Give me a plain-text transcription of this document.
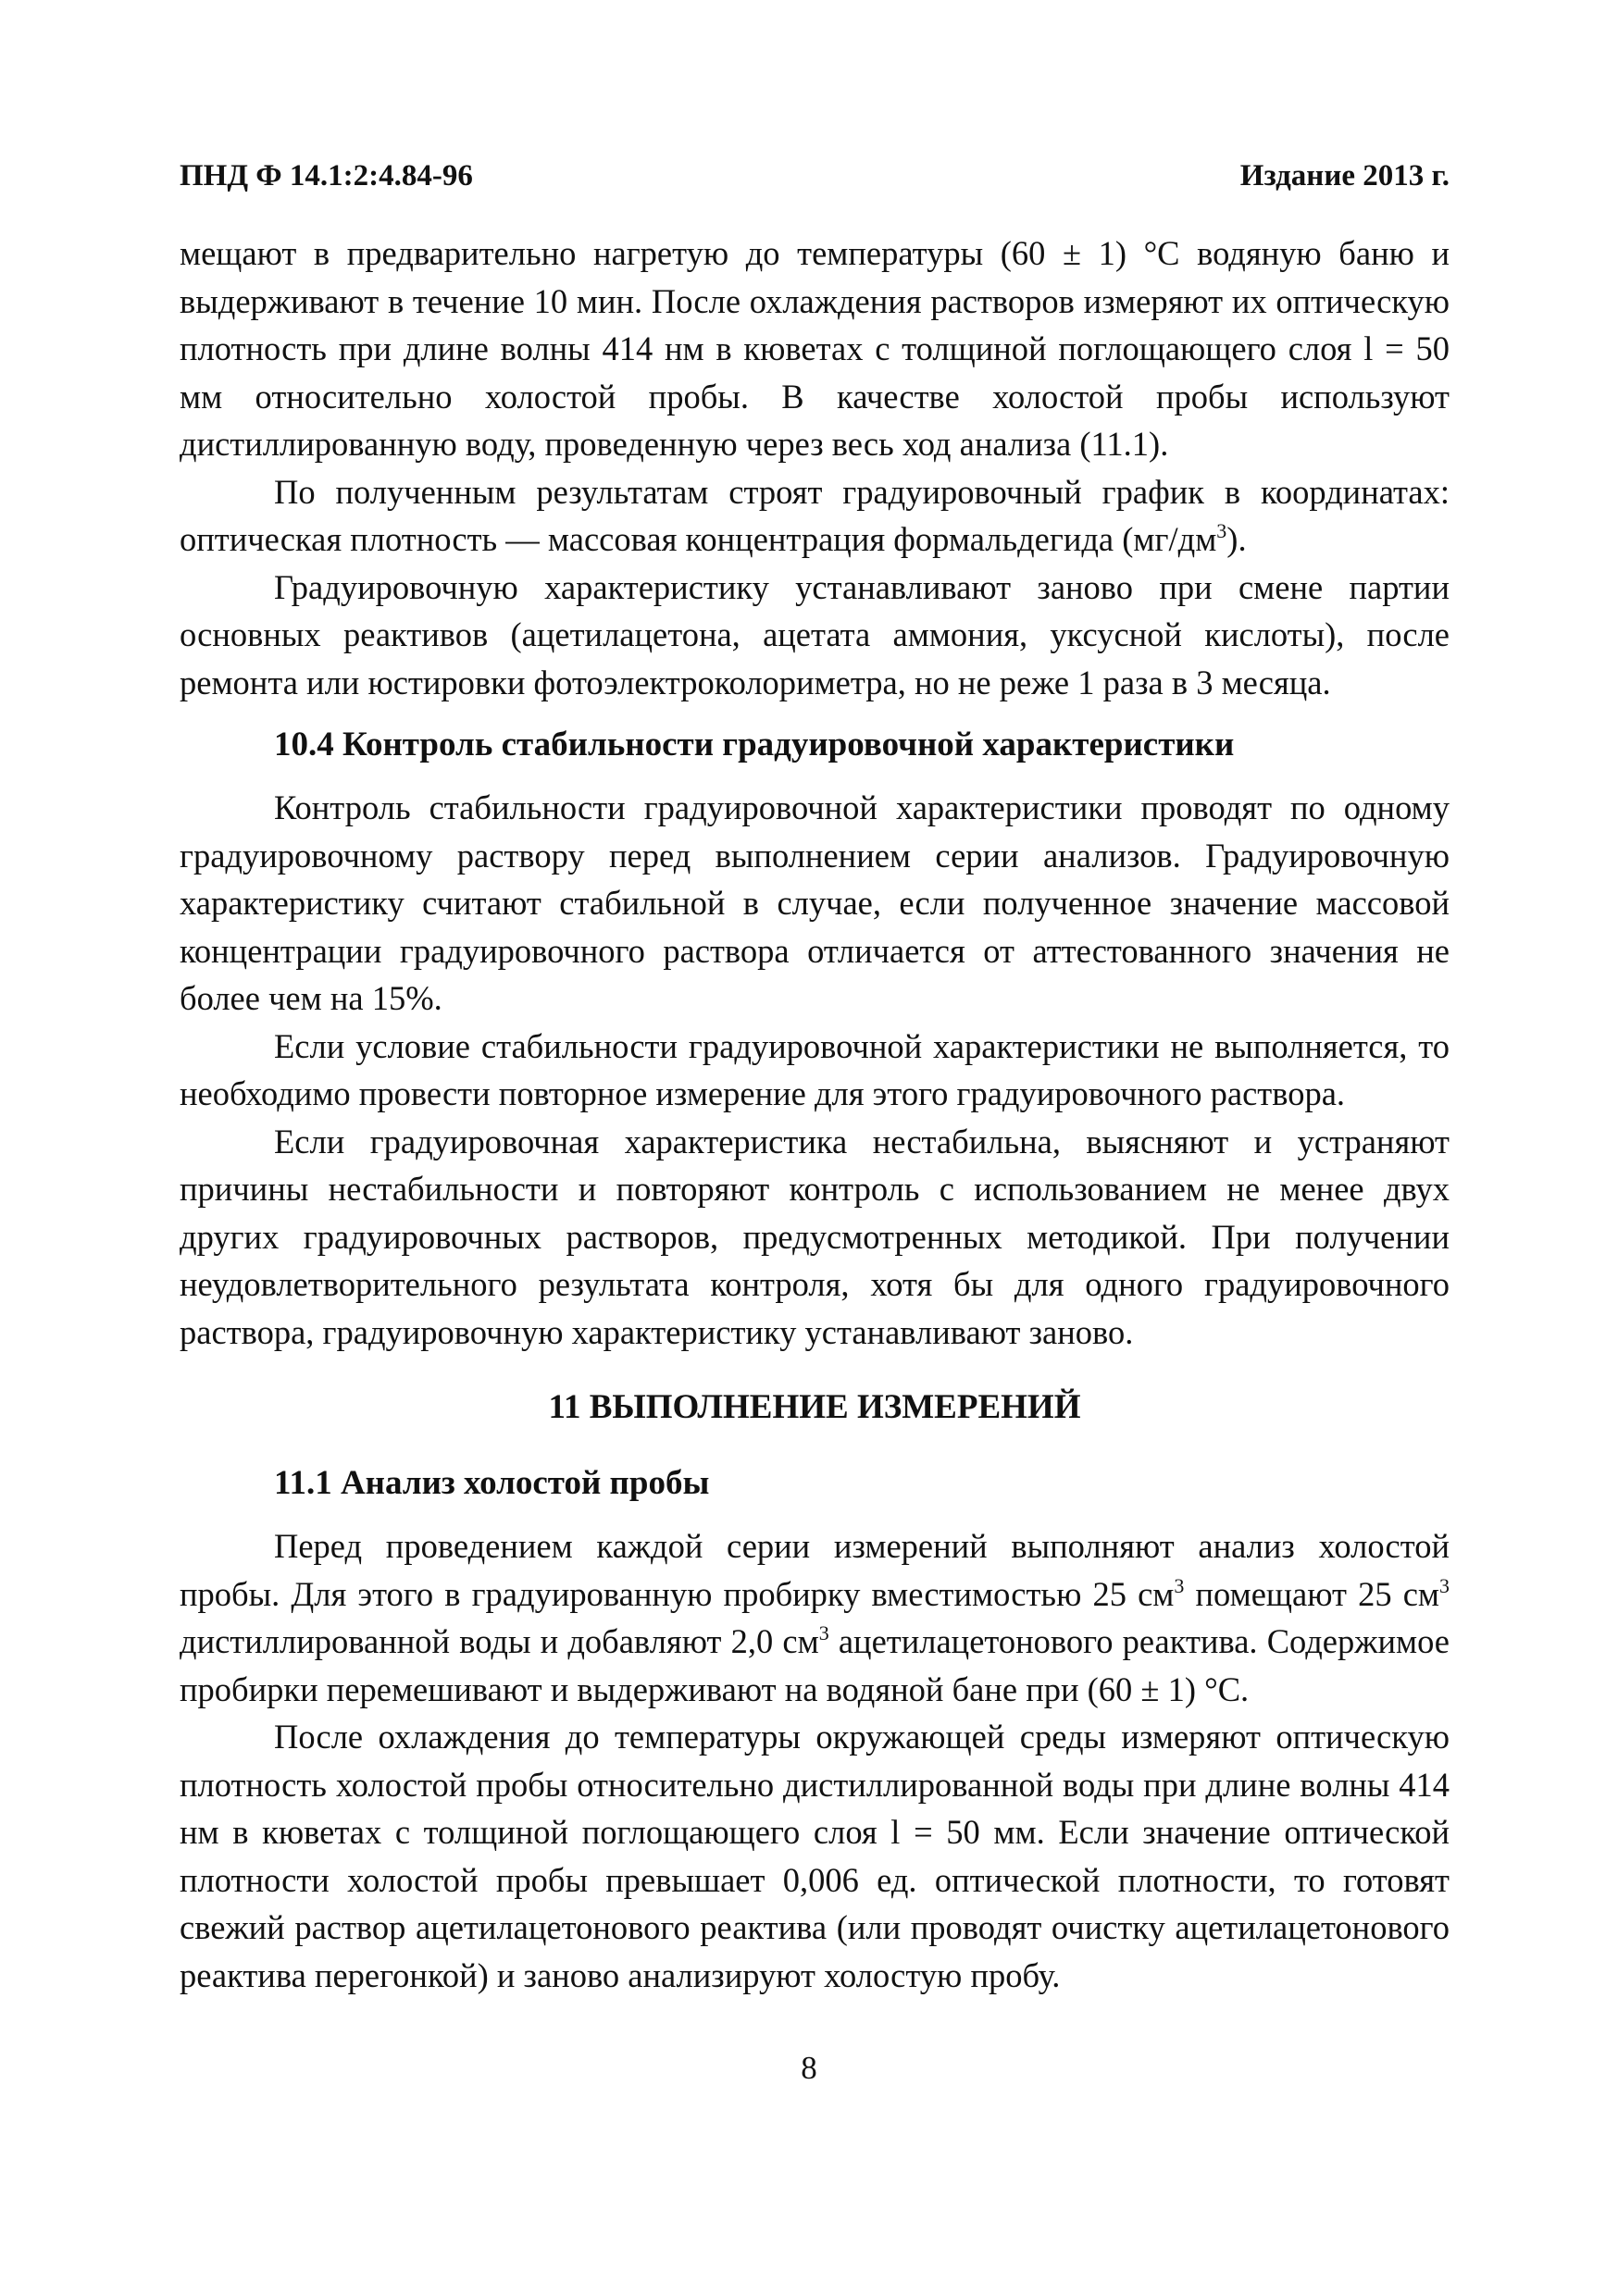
ПНД Ф 14.1:2:4.84-96	Издание 2013 г.

мещают в предварительно нагретую до температуры (60 ± 1) °С водяную баню и выдерживают в течение 10 мин. После охлаждения растворов измеряют их оптическую плотность при длине волны 414 нм в кюветах с толщиной поглощающего слоя l = 50 мм относительно холостой пробы. В качестве холостой пробы используют дистиллированную воду, проведенную через весь ход анализа (11.1).

По полученным результатам строят градуировочный график в координатах: оптическая плотность — массовая концентрация формальдегида $(мг/дм^3)$.

Градуировочную характеристику устанавливают заново при смене партии основных реактивов (ацетилацетона, ацетата аммония, уксусной кислоты), после ремонта или юстировки фотоэлектроколориметра, но не реже 1 раза в 3 месяца.

10.4 Контроль стабильности градуировочной характеристики

Контроль стабильности градуировочной характеристики проводят по одному градуировочному раствору перед выполнением серии анализов. Градуировочную характеристику считают стабильной в случае, если полученное значение массовой концентрации градуировочного раствора отличается от аттестованного значения не более чем на 15%.

Если условие стабильности градуировочной характеристики не выполняется, то необходимо провести повторное измерение для этого градуировочного раствора.

Если градуировочная характеристика нестабильна, выясняют и устраняют причины нестабильности и повторяют контроль с использованием не менее двух других градуировочных растворов, предусмотренных методикой. При получении неудовлетворительного результата контроля, хотя бы для одного градуировочного раствора, градуировочную характеристику устанавливают заново.

11 ВЫПОЛНЕНИЕ ИЗМЕРЕНИЙ
11.1 Анализ холостой пробы

Перед проведением каждой серии измерений выполняют анализ холостой пробы. Для этого в градуированную пробирку вместимостью 25 $см^3$ помещают 25 $см^3$ дистиллированной воды и добавляют 2,0 $см^3$ ацетилацетонового реактива. Содержимое пробирки перемешивают и выдерживают на водяной бане при (60 ± 1) °С.

После охлаждения до температуры окружающей среды измеряют оптическую плотность холостой пробы относительно дистиллированной воды при длине волны 414 нм в кюветах с толщиной поглощающего слоя l = 50 мм. Если значение оптической плотности холостой пробы превышает 0,006 ед. оптической плотности, то готовят свежий раствор ацетилацетонового реактива (или проводят очистку ацетилацетонового реактива перегонкой) и заново анализируют холостую пробу.

8
